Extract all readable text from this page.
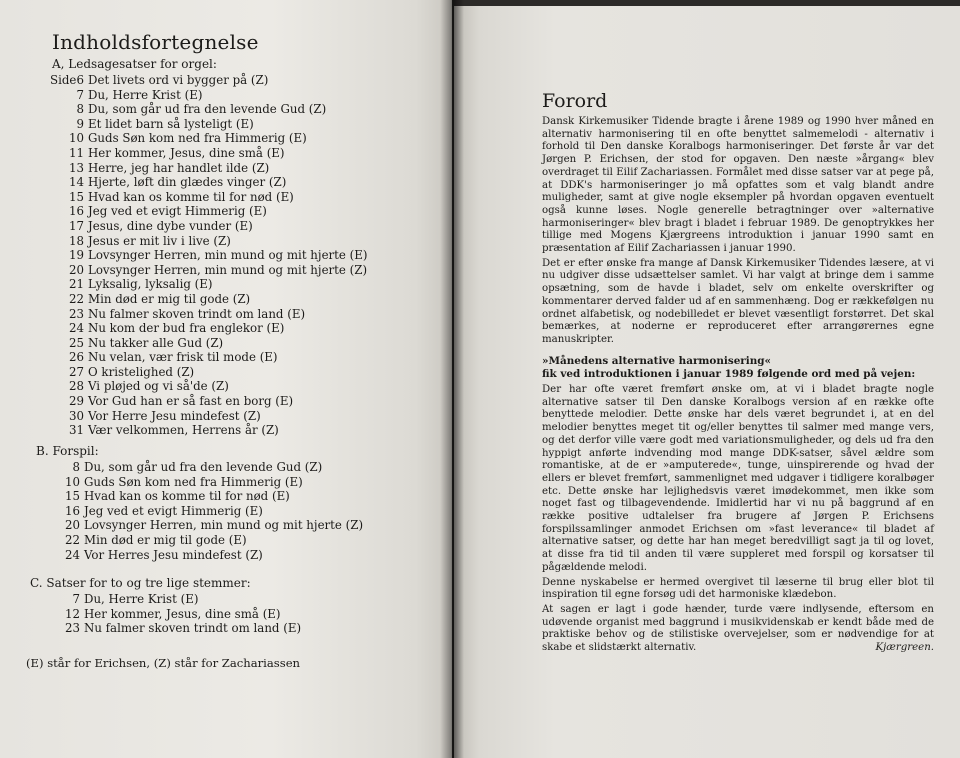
Indholdsfortegnelse
A, Ledsagesatser for orgel:
Side 6 Det livets ord vi bygger på (Z)
7 Du, Herre Krist (E)
8 Du, som går ud fra den levende Gud (Z)
9 Et lidet barn så lysteligt (E)
10 Guds Søn kom ned fra Himmerig (E)
11 Her kommer, Jesus, dine små (E)
13 Herre, jeg har handlet ilde (Z)
14 Hjerte, løft din glædes vinger (Z)
15 Hvad kan os komme til for nød (E)
16 Jeg ved et evigt Himmerig (E)
17 Jesus, dine dybe vunder (E)
18 Jesus er mit liv i live (Z)
19 Lovsynger Herren, min mund og mit hjerte (E)
20 Lovsynger Herren, min mund og mit hjerte (Z)
21 Lyksalig, lyksalig (E)
22 Min død er mig til gode (Z)
23 Nu falmer skoven trindt om land (E)
24 Nu kom der bud fra englekor (E)
25 Nu takker alle Gud (Z)
26 Nu velan, vær frisk til mode (E)
27 O kristelighed (Z)
28 Vi pløjed og vi så'de (Z)
29 Vor Gud han er så fast en borg (E)
30 Vor Herre Jesu mindefest (Z)
31 Vær velkommen, Herrens år (Z)
B. Forspil:
8 Du, som går ud fra den levende Gud (Z)
10 Guds Søn kom ned fra Himmerig (E)
15 Hvad kan os komme til for nød (E)
16 Jeg ved et evigt Himmerig (E)
20 Lovsynger Herren, min mund og mit hjerte (Z)
22 Min død er mig til gode (E)
24 Vor Herres Jesu mindefest (Z)
C. Satser for to og tre lige stemmer:
7 Du, Herre Krist (E)
12 Her kommer, Jesus, dine små (E)
23 Nu falmer skoven trindt om land (E)
(E) står for Erichsen, (Z) står for Zachariassen
Forord

Dansk Kirkemusiker Tidende bragte i årene 1989 og 1990 hver måned en alternativ harmonisering til en ofte benyttet salmemelodi - alternativ i forhold til Den danske Koralbogs harmoniseringer. Det første år var det Jørgen P. Erichsen, der stod for opgaven. Den næste »årgang« blev overdraget til Eilif Zachariassen. Formålet med disse satser var at pege på, at DDK's harmoniseringer jo må opfattes som et valg blandt andre muligheder, samt at give nogle eksempler på hvordan opgaven eventuelt også kunne løses. Nogle generelle betragtninger over »alternative harmoniseringer« blev bragt i bladet i februar 1989. De genoptrykkes her tillige med Mogens Kjærgreens introduktion i januar 1990 samt en præsentation af Eilif Zachariassen i januar 1990.

Det er efter ønske fra mange af Dansk Kirkemusiker Tidendes læsere, at vi nu udgiver disse udsættelser samlet. Vi har valgt at bringe dem i samme opsætning, som de havde i bladet, selv om enkelte overskrifter og kommentarer derved falder ud af en sammenhæng. Dog er rækkefølgen nu ordnet alfabetisk, og nodebilledet er blevet væsentligt forstørret. Det skal bemærkes, at noderne er reproduceret efter arrangørernes egne manuskripter.

»Månedens alternative harmonisering«
fik ved introduktionen i januar 1989 følgende ord med på vejen:

Der har ofte været fremført ønske om, at vi i bladet bragte nogle alternative satser til Den danske Koralbogs version af en række ofte benyttede melodier. Dette ønske har dels været begrundet i, at en del melodier benyttes meget tit og/eller benyttes til salmer med mange vers, og det derfor ville være godt med variationsmuligheder, og dels ud fra den hyppigt anførte indvending mod mange DDK-satser, såvel ældre som romantiske, at de er »amputerede«, tunge, uinspirerende og hvad der ellers er blevet fremført, sammenlignet med udgaver i tidligere koralbøger etc. Dette ønske har lejlighedsvis været imødekommet, men ikke som noget fast og tilbagevendende. Imidlertid har vi nu på baggrund af en række positive udtalelser fra brugere af Jørgen P. Erichsens forspilssamlinger anmodet Erichsen om »fast leverance« til bladet af alternative satser, og dette har han meget beredvilligt sagt ja til og lovet, at disse fra tid til anden til være suppleret med forspil og korsatser til pågældende melodi.

Denne nyskabelse er hermed overgivet til læserne til brug eller blot til inspiration til egne forsøg udi det harmoniske klædebon.

At sagen er lagt i gode hænder, turde være indlysende, eftersom en udøvende organist med baggrund i musikvidenskab er kendt både med de praktiske behov og de stilistiske overvejelser, som er nødvendige for at skabe et slidstærkt alternativ.	Kjærgreen.
